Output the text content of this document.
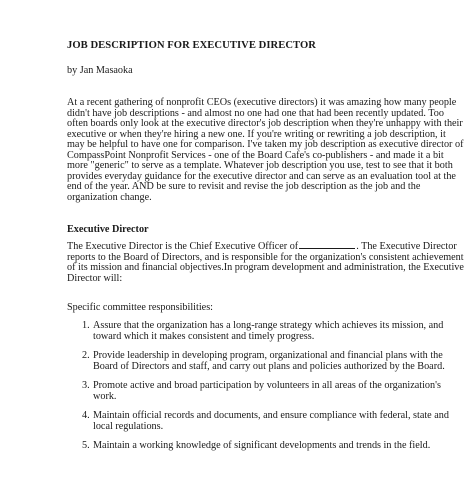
JOB DESCRIPTION FOR EXECUTIVE DIRECTOR
by Jan Masaoka
At a recent gathering of nonprofit CEOs (executive directors) it was amazing how many people
didn't have job descriptions - and almost no one had one that had been recently updated. Too
often boards only look at the executive director's job description when they're unhappy with their
executive or when they're hiring a new one. If you're writing or rewriting a job description, it
may be helpful to have one for comparison. I've taken my job description as executive director of
CompassPoint Nonprofit Services - one of the Board Cafe's co-publishers - and made it a bit
more "generic" to serve as a template. Whatever job description you use, test to see that it both
provides everyday guidance for the executive director and can serve as an evaluation tool at the
end of the year. AND be sure to revisit and revise the job description as the job and the
organization change.
Executive Director
The Executive Director is the Chief Executive Officer of	. The Executive Director
reports to the Board of Directors, and is responsible for the organization's consistent achievement
of its mission and financial objectives.In program development and administration, the Executive
Director will:
Specific committee responsibilities:
1. Assure that the organization has a long-range strategy which achieves its mission, and
toward which it makes consistent and timely progress.
2. Provide leadership in developing program, organizational and financial plans with the
Board of Directors and staff, and carry out plans and policies authorized by the Board.
3. Promote active and broad participation by volunteers in all areas of the organization's
work.
4. Maintain official records and documents, and ensure compliance with federal, state and
local regulations.
5. Maintain a working knowledge of significant developments and trends in the field.
